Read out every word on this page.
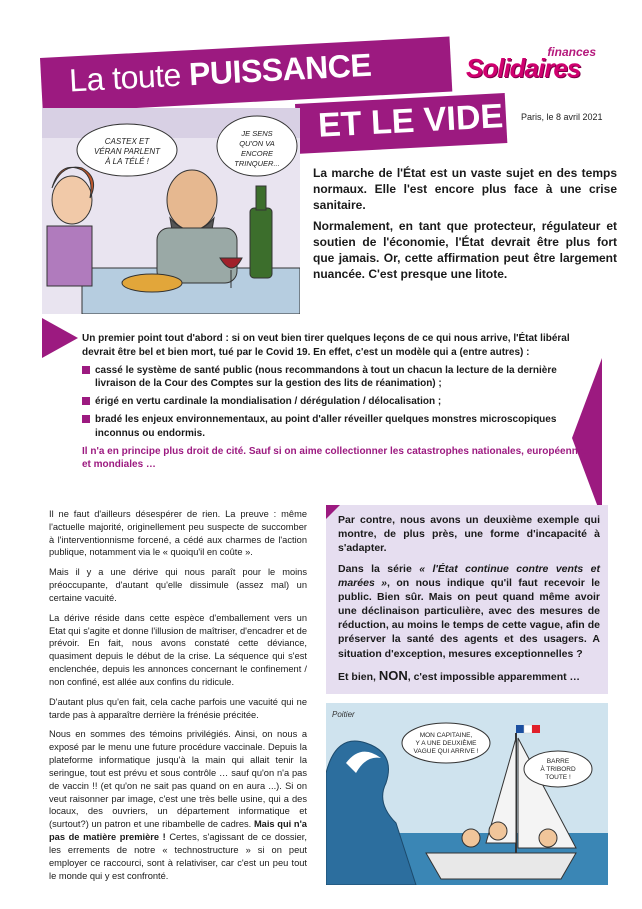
finances
Solidaires
La toute PUISSANCE
ET LE VIDE Paris, le 8 avril 2021
CASTEX ET
VÉRAN PARLENT
À LA TÉLÉ !
JE SENS
QU'ON VA
ENCORE
TRINQUER...

La marche de l'État est un vaste sujet en des temps normaux. Elle l'est encore plus face à une crise sanitaire.

Normalement, en tant que protecteur, régulateur et soutien de l'économie, l'État devrait être plus fort que jamais. Or, cette affirmation peut être largement nuancée. C'est presque une litote.

Un premier point tout d'abord : si on veut bien tirer quelques leçons de ce qui nous arrive, l'État libéral devrait être bel et bien mort, tué par le Covid 19. En effet, c'est un modèle qui a (entre autres) :
cassé le système de santé public (nous recommandons à tout un chacun la lecture de la dernière livraison de la Cour des Comptes sur la gestion des lits de réanimation) ;
érigé en vertu cardinale la mondialisation / dérégulation / délocalisation ;
bradé les enjeux environnementaux, au point d'aller réveiller quelques monstres microscopiques inconnus ou endormis.
Il n'a en principe plus droit de cité. Sauf si on aime collectionner les catastrophes nationales, européennes et mondiales …

Il ne faut d'ailleurs désespérer de rien. La preuve : même l'actuelle majorité, originellement peu suspecte de succomber à l'interventionnisme forcené, a cédé aux charmes de l'action publique, notamment via le « quoiqu'il en coûte ».

Mais il y a une dérive qui nous paraît pour le moins préoccupante, d'autant qu'elle dissimule (assez mal) un certaine vacuité.

La dérive réside dans cette espèce d'emballement vers un Etat qui s'agite et donne l'illusion de maîtriser, d'encadrer et de prévoir. En fait, nous avons constaté cette déviance, quasiment depuis le début de la crise. La séquence qui s'est enclenchée, depuis les annonces concernant le confinement / non confiné, est allée aux confins du ridicule.

D'autant plus qu'en fait, cela cache parfois une vacuité qui ne tarde pas à apparaître derrière la frénésie précitée.

Nous en sommes des témoins privilégiés. Ainsi, on nous a exposé par le menu une future procédure vaccinale. Depuis la plateforme informatique jusqu'à la main qui allait tenir la seringue, tout est prévu et sous contrôle … sauf qu'on n'a pas de vaccin !! (et qu'on ne sait pas quand on en aura ...). Si on veut raisonner par image, c'est une très belle usine, qui a des locaux, des ouvriers, un département informatique et (surtout?) un patron et une ribambelle de cadres. Mais qui n'a pas de matière première ! Certes, s'agissant de ce dossier, les errements de notre « technostructure » si on peut employer ce raccourci, sont à relativiser, car c'est un peu tout le monde qui y est confronté.

Par contre, nous avons un deuxième exemple qui montre, de plus près, une forme d'incapacité à s'adapter.

Dans la série « l'État continue contre vents et marées », on nous indique qu'il faut recevoir le public. Bien sûr. Mais on peut quand même avoir une déclinaison particulière, avec des mesures de réduction, au moins le temps de cette vague, afin de préserver la santé des agents et des usagers. A situation d'exception, mesures exceptionnelles ?

Et bien, NON, c'est impossible apparemment …

MON CAPITAINE,
Y A UNE DEUXIÈME
VAGUE QUI ARRIVE !
BARRE
À TRIBORD
TOUTE !
Poitier
